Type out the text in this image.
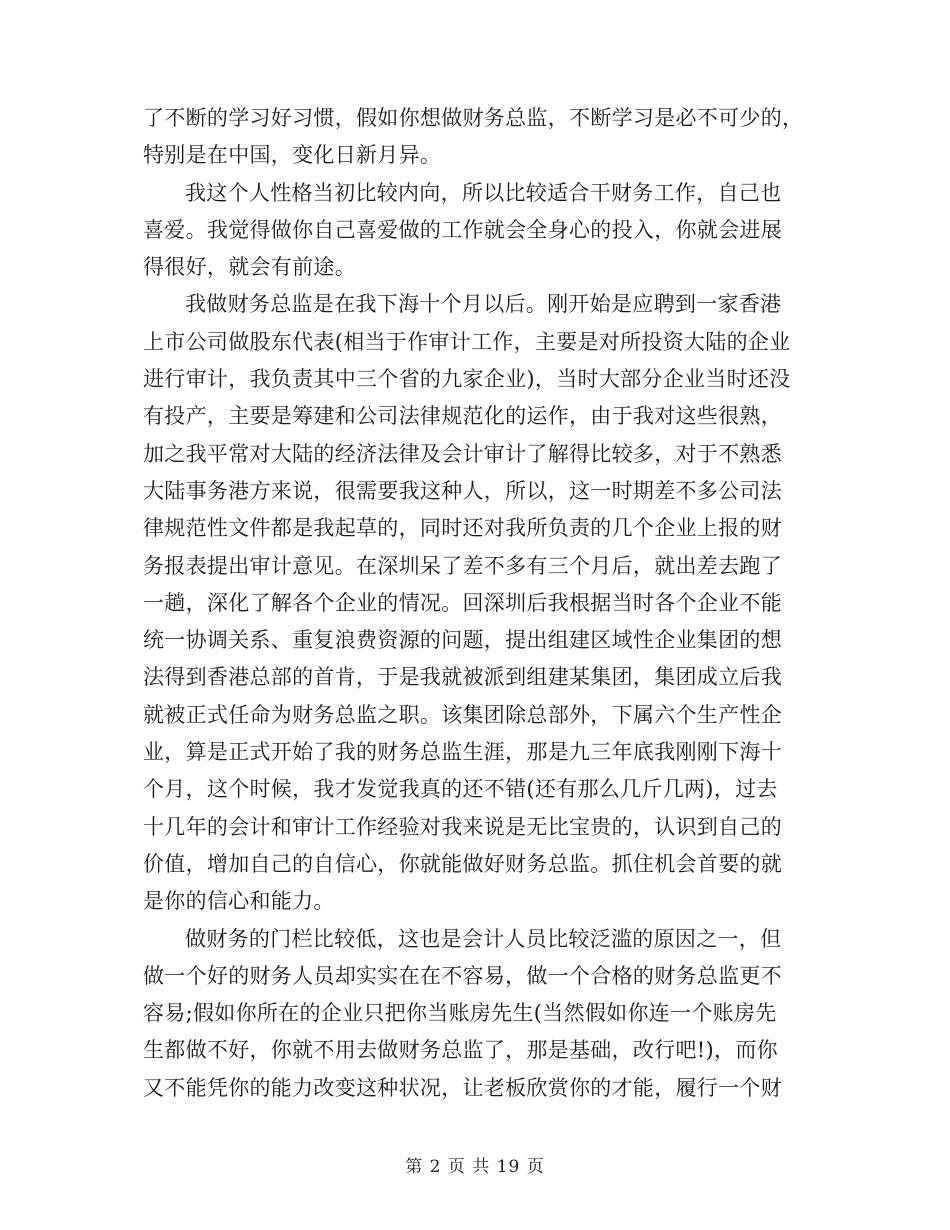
了不断的学习好习惯，假如你想做财务总监，不断学习是必不可少的，
特别是在中国，变化日新月异。
我这个人性格当初比较内向，所以比较适合干财务工作，自己也
喜爱。我觉得做你自己喜爱做的工作就会全身心的投入，你就会进展
得很好，就会有前途。
我做财务总监是在我下海十个月以后。刚开始是应聘到一家香港
上市公司做股东代表(相当于作审计工作，主要是对所投资大陆的企业
进行审计，我负责其中三个省的九家企业)，当时大部分企业当时还没
有投产，主要是筹建和公司法律规范化的运作，由于我对这些很熟，
加之我平常对大陆的经济法律及会计审计了解得比较多，对于不熟悉
大陆事务港方来说，很需要我这种人，所以，这一时期差不多公司法
律规范性文件都是我起草的，同时还对我所负责的几个企业上报的财
务报表提出审计意见。在深圳呆了差不多有三个月后，就出差去跑了
一趟，深化了解各个企业的情况。回深圳后我根据当时各个企业不能
统一协调关系、重复浪费资源的问题，提出组建区域性企业集团的想
法得到香港总部的首肯，于是我就被派到组建某集团，集团成立后我
就被正式任命为财务总监之职。该集团除总部外，下属六个生产性企
业，算是正式开始了我的财务总监生涯，那是九三年底我刚刚下海十
个月，这个时候，我才发觉我真的还不错(还有那么几斤几两)，过去
十几年的会计和审计工作经验对我来说是无比宝贵的，认识到自己的
价值，增加自己的自信心，你就能做好财务总监。抓住机会首要的就
是你的信心和能力。
做财务的门栏比较低，这也是会计人员比较泛滥的原因之一，但
做一个好的财务人员却实实在在不容易，做一个合格的财务总监更不
容易;假如你所在的企业只把你当账房先生(当然假如你连一个账房先
生都做不好，你就不用去做财务总监了，那是基础，改行吧!)，而你
又不能凭你的能力改变这种状况，让老板欣赏你的才能，履行一个财
第 2 页 共 19 页
